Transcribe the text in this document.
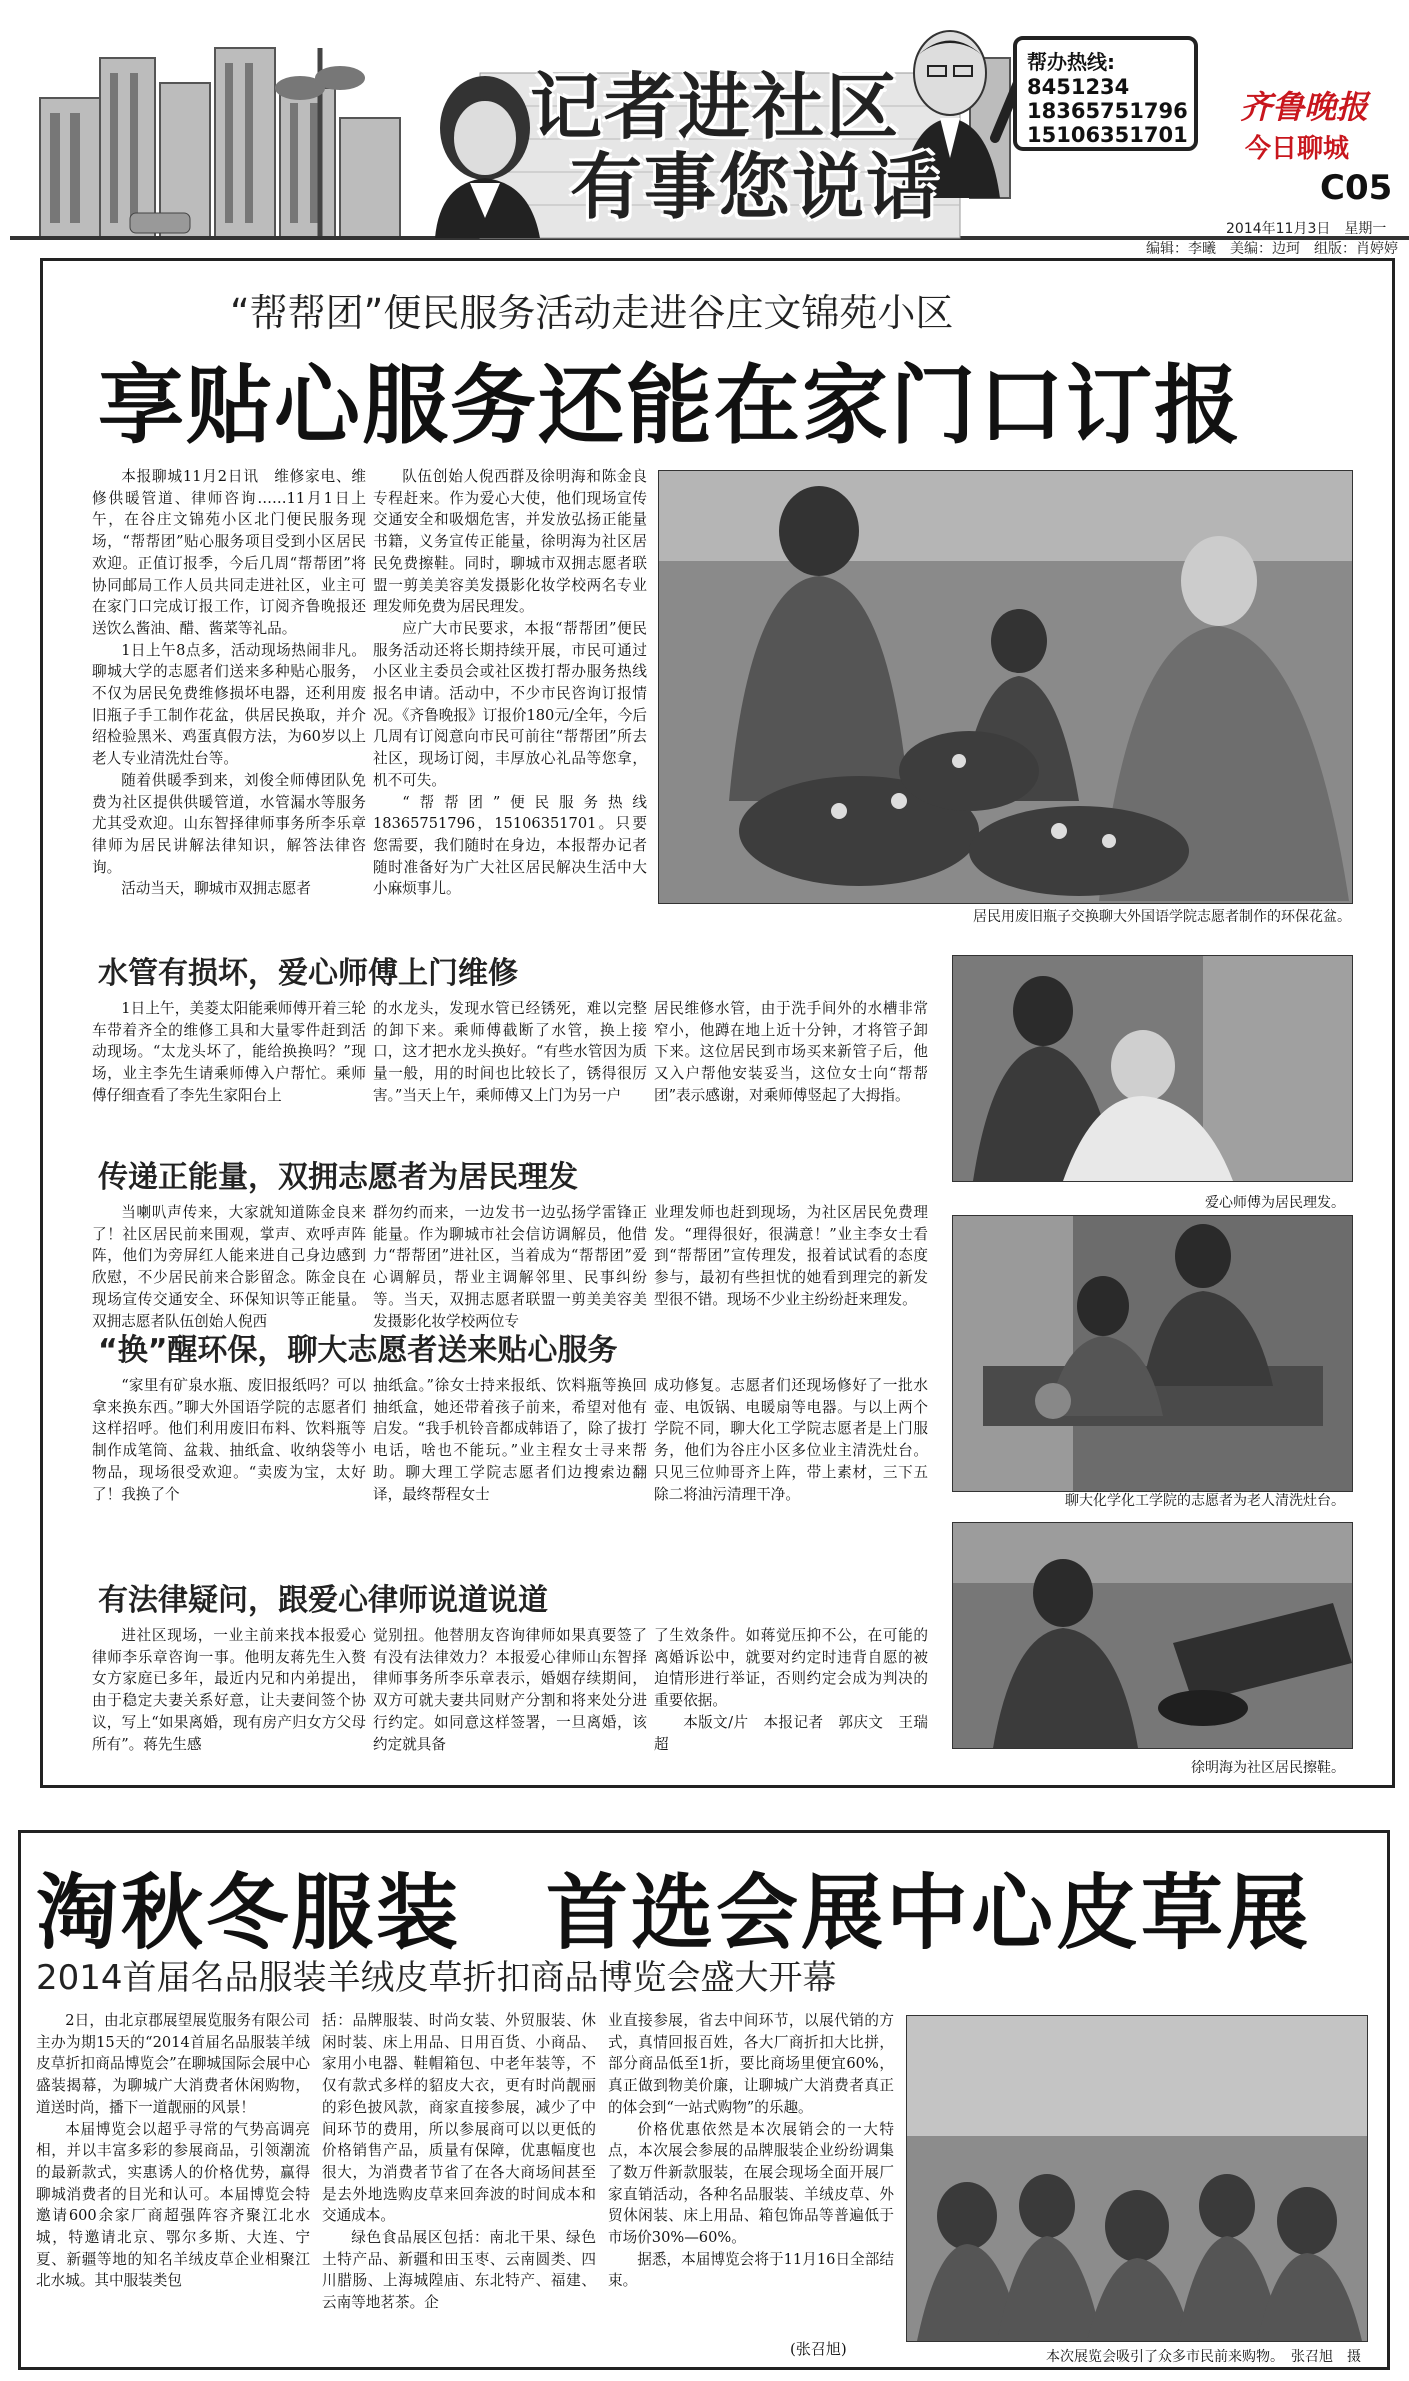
记者进社区
有事您说话
帮办热线:
8451234
18365751796
15106351701
齐鲁晚报
今日聊城
C05
2014年11月3日　星期一
编辑：李曦　美编：边珂　组版：肖婷婷
“帮帮团”便民服务活动走进谷庄文锦苑小区
享贴心服务还能在家门口订报

本报聊城11月2日讯　维修家电、维修供暖管道、律师咨询……11月1日上午，在谷庄文锦苑小区北门便民服务现场，“帮帮团”贴心服务项目受到小区居民欢迎。正值订报季，今后几周“帮帮团”将协同邮局工作人员共同走进社区，业主可在家门口完成订报工作，订阅齐鲁晚报还送饮么酱油、醋、酱菜等礼品。

1日上午8点多，活动现场热闹非凡。聊城大学的志愿者们送来多种贴心服务，不仅为居民免费维修损坏电器，还利用废旧瓶子手工制作花盆，供居民换取，并介绍检验黑米、鸡蛋真假方法，为60岁以上老人专业清洗灶台等。

随着供暖季到来，刘俊全师傅团队免费为社区提供供暖管道，水管漏水等服务尤其受欢迎。山东智择律师事务所李乐章律师为居民讲解法律知识，解答法律咨询。

活动当天，聊城市双拥志愿者

队伍创始人倪西群及徐明海和陈金良专程赶来。作为爱心大使，他们现场宣传交通安全和吸烟危害，并发放弘扬正能量书籍，义务宣传正能量，徐明海为社区居民免费擦鞋。同时，聊城市双拥志愿者联盟一剪美美容美发摄影化妆学校两名专业理发师免费为居民理发。

应广大市民要求，本报“帮帮团”便民服务活动还将长期持续开展，市民可通过小区业主委员会或社区拨打帮办服务热线报名申请。活动中，不少市民咨询订报情况。《齐鲁晚报》订报价180元/全年，今后几周有订阅意向市民可前往“帮帮团”所去社区，现场订阅，丰厚放心礼品等您拿，机不可失。

“帮帮团”便民服务热线18365751796，15106351701。只要您需要，我们随时在身边，本报帮办记者随时准备好为广大社区居民解决生活中大小麻烦事儿。

居民用废旧瓶子交换聊大外国语学院志愿者制作的环保花盆。
水管有损坏，爱心师傅上门维修

1日上午，美菱太阳能乘师傅开着三轮车带着齐全的维修工具和大量零件赶到活动现场。“太龙头坏了，能给换换吗？”现场，业主李先生请乘师傅入户帮忙。乘师傅仔细查看了李先生家阳台上

的水龙头，发现水管已经锈死，难以完整的卸下来。乘师傅截断了水管，换上接口，这才把水龙头换好。“有些水管因为质量一般，用的时间也比较长了，锈得很厉害。”当天上午，乘师傅又上门为另一户

居民维修水管，由于洗手间外的水槽非常窄小，他蹲在地上近十分钟，才将管子卸下来。这位居民到市场买来新管子后，他又入户帮他安装妥当，这位女士向“帮帮团”表示感谢，对乘师傅竖起了大拇指。

爱心师傅为居民理发。
传递正能量，双拥志愿者为居民理发

当喇叭声传来，大家就知道陈金良来了！社区居民前来围观，掌声、欢呼声阵阵，他们为旁屏红人能来进自己身边感到欣慰，不少居民前来合影留念。陈金良在现场宣传交通安全、环保知识等正能量。双拥志愿者队伍创始人倪西

群勿约而来，一边发书一边弘扬学雷锋正能量。作为聊城市社会信访调解员，他借力“帮帮团”进社区，当着成为“帮帮团”爱心调解员，帮业主调解邻里、民事纠纷等。当天，双拥志愿者联盟一剪美美容美发摄影化妆学校两位专

业理发师也赶到现场，为社区居民免费理发。“理得很好，很满意！”业主李女士看到“帮帮团”宣传理发，报着试试看的态度参与，最初有些担忧的她看到理完的新发型很不错。现场不少业主纷纷赶来理发。

聊大化学化工学院的志愿者为老人清洗灶台。
“换”醒环保，聊大志愿者送来贴心服务

“家里有矿泉水瓶、废旧报纸吗？可以拿来换东西。”聊大外国语学院的志愿者们这样招呼。他们利用废旧布料、饮料瓶等制作成笔筒、盆栽、抽纸盒、收纳袋等小物品，现场很受欢迎。“卖废为宝，太好了！我换了个

抽纸盒。”徐女士持来报纸、饮料瓶等换回抽纸盒，她还带着孩子前来，希望对他有启发。“我手机铃音都成韩语了，除了拔打电话，啥也不能玩。”业主程女士寻来帮助。聊大理工学院志愿者们边搜索边翻译，最终帮程女士

成功修复。志愿者们还现场修好了一批水壶、电饭锅、电暖扇等电器。与以上两个学院不同，聊大化工学院志愿者是上门服务，他们为谷庄小区多位业主清洗灶台。只见三位帅哥齐上阵，带上素材，三下五除二将油污清理干净。

徐明海为社区居民擦鞋。
有法律疑问，跟爱心律师说道说道

进社区现场，一业主前来找本报爱心律师李乐章咨询一事。他明友蒋先生入赘女方家庭已多年，最近内兄和内弟提出，由于稳定夫妻关系好意，让夫妻间签个协议，写上“如果离婚，现有房产归女方父母所有”。蒋先生感

觉别扭。他替朋友咨询律师如果真要签了有没有法律效力？本报爱心律师山东智择律师事务所李乐章表示，婚姻存续期间，双方可就夫妻共同财产分割和将来处分进行约定。如同意这样签署，一旦离婚，该约定就具备

了生效条件。如蒋觉压抑不公，在可能的离婚诉讼中，就要对约定时违背自愿的被迫情形进行举证，否则约定会成为判决的重要依据。

本版文/片　本报记者　郭庆文　王瑞超

淘秋冬服装　首选会展中心皮草展
2014首届名品服装羊绒皮草折扣商品博览会盛大开幕

2日，由北京郡展望展览服务有限公司主办为期15天的“2014首届名品服装羊绒皮草折扣商品博览会”在聊城国际会展中心盛装揭幕，为聊城广大消费者休闲购物，道送时尚，播下一道靓丽的风景！

本届博览会以超乎寻常的气势高调亮相，并以丰富多彩的参展商品，引领潮流的最新款式，实惠诱人的价格优势，赢得聊城消费者的目光和认可。本届博览会特邀请600余家厂商超强阵容齐聚江北水城，特邀请北京、鄂尔多斯、大连、宁夏、新疆等地的知名羊绒皮草企业相聚江北水城。其中服装类包

括：品牌服装、时尚女装、外贸服装、休闲时装、床上用品、日用百货、小商品、家用小电器、鞋帽箱包、中老年装等，不仅有款式多样的貂皮大衣，更有时尚靓丽的彩色披风款，商家直接参展，减少了中间环节的费用，所以参展商可以以更低的价格销售产品，质量有保障，优惠幅度也很大，为消费者节省了在各大商场间甚至是去外地选购皮草来回奔波的时间成本和交通成本。

绿色食品展区包括：南北干果、绿色土特产品、新疆和田玉枣、云南圆类、四川腊肠、上海城隍庙、东北特产、福建、云南等地茗茶。企

业直接参展，省去中间环节，以展代销的方式，真情回报百姓，各大厂商折扣大比拼，部分商品低至1折，要比商场里便宜60%，真正做到物美价廉，让聊城广大消费者真正的体会到“一站式购物”的乐趣。

价格优惠依然是本次展销会的一大特点，本次展会参展的品牌服装企业纷纷调集了数万件新款服装，在展会现场全面开展厂家直销活动，各种名品服装、羊绒皮草、外贸休闲装、床上用品、箱包饰品等普遍低于市场价30%—60%。

据悉，本届博览会将于11月16日全部结束。

(张召旭)	本次展览会吸引了众多市民前来购物。　张召旭　摄
